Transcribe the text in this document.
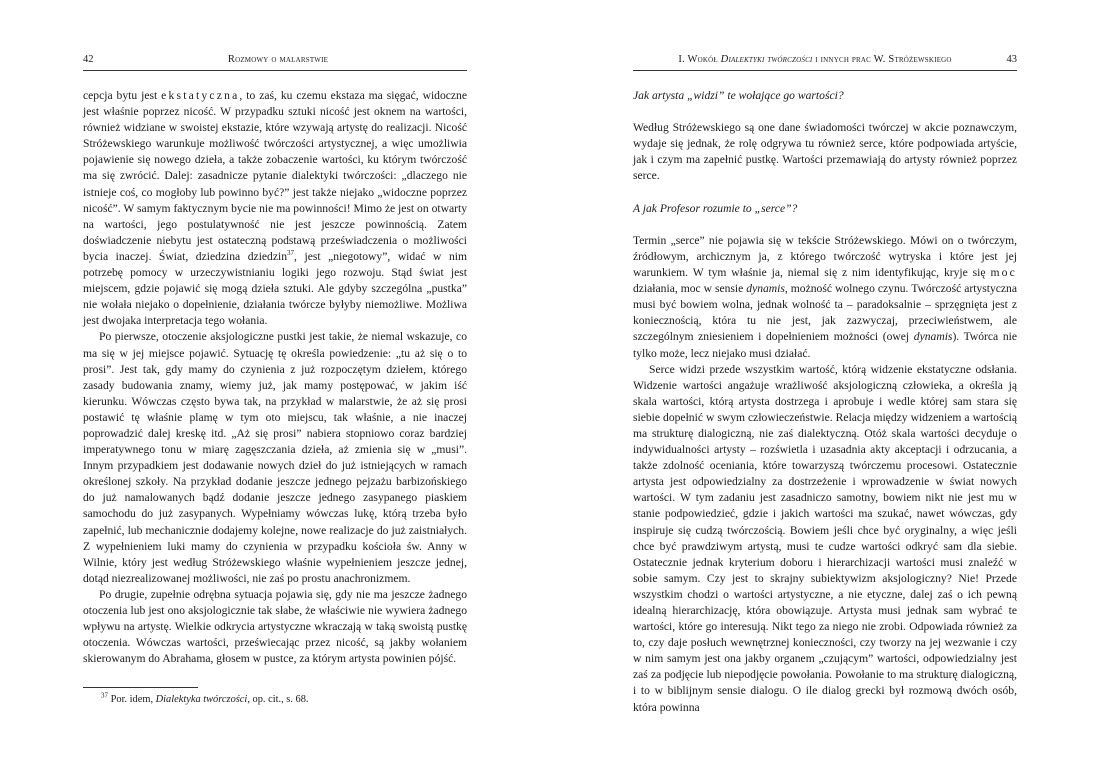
42	Rozmowy o malarstwie

cepcja bytu jest ekstatyczna, to zaś, ku czemu ekstaza ma sięgać, widoczne jest właśnie poprzez nicość. W przypadku sztuki nicość jest oknem na wartości, również widziane w swoistej ekstazie, które wzywają artystę do realizacji. Nicość Stróżewskiego warunkuje możliwość twórczości artystycznej, a więc umożliwia pojawienie się nowego dzieła, a także zobaczenie wartości, ku którym twórczość ma się zwrócić. Dalej: zasadnicze pytanie dialektyki twórczości: „dlaczego nie istnieje coś, co mogłoby lub powinno być?” jest także niejako „widoczne poprzez nicość”. W samym faktycznym bycie nie ma powinności! Mimo że jest on otwarty na wartości, jego postulatywność nie jest jeszcze powinnością. Zatem doświadczenie niebytu jest ostateczną podstawą przeświadczenia o możliwości bycia inaczej. Świat, dziedzina dziedzin$^{37}$, jest „niegotowy”, widać w nim potrzebę pomocy w urzeczywistnianiu logiki jego rozwoju. Stąd świat jest miejscem, gdzie pojawić się mogą dzieła sztuki. Ale gdyby szczególna „pustka” nie wołała niejako o dopełnienie, działania twórcze byłyby niemożliwe. Możliwa jest dwojaka interpretacja tego wołania.

Po pierwsze, otoczenie aksjologiczne pustki jest takie, że niemal wskazuje, co ma się w jej miejsce pojawić. Sytuację tę określa powiedzenie: „tu aż się o to prosi”. Jest tak, gdy mamy do czynienia z już rozpoczętym dziełem, którego zasady budowania znamy, wiemy już, jak mamy postępować, w jakim iść kierunku. Wówczas często bywa tak, na przykład w malarstwie, że aż się prosi postawić tę właśnie plamę w tym oto miejscu, tak właśnie, a nie inaczej poprowadzić dalej kreskę itd. „Aż się prosi” nabiera stopniowo coraz bardziej imperatywnego tonu w miarę zagęszczania dzieła, aż zmienia się w „musi”. Innym przypadkiem jest dodawanie nowych dzieł do już istniejących w ramach określonej szkoły. Na przykład dodanie jeszcze jednego pejzażu barbizońskiego do już namalowanych bądź dodanie jeszcze jednego zasypanego piaskiem samochodu do już zasypanych. Wypełniamy wówczas lukę, którą trzeba było zapełnić, lub mechanicznie dodajemy kolejne, nowe realizacje do już zaistniałych. Z wypełnieniem luki mamy do czynienia w przypadku kościoła św. Anny w Wilnie, który jest według Stróżewskiego właśnie wypełnieniem jeszcze jednej, dotąd niezrealizowanej możliwości, nie zaś po prostu anachronizmem.

Po drugie, zupełnie odrębna sytuacja pojawia się, gdy nie ma jeszcze żadnego otoczenia lub jest ono aksjologicznie tak słabe, że właściwie nie wywiera żadnego wpływu na artystę. Wielkie odkrycia artystyczne wkraczają w taką swoistą pustkę otoczenia. Wówczas wartości, przeświecając przez nicość, są jakby wołaniem skierowanym do Abrahama, głosem w pustce, za którym artysta powinien pójść.

$^{37}$ Por. idem, Dialektyka twórczości, op. cit., s. 68.
I. Wokół Dialektyki twórczości i innych prac W. Stróżewskiego	43

Jak artysta „widzi” te wołające go wartości?

Według Stróżewskiego są one dane świadomości twórczej w akcie poznawczym, wydaje się jednak, że rolę odgrywa tu również serce, które podpowiada artyście, jak i czym ma zapełnić pustkę. Wartości przemawiają do artysty również poprzez serce.

A jak Profesor rozumie to „serce”?

Termin „serce” nie pojawia się w tekście Stróżewskiego. Mówi on o twórczym, źródłowym, archicznym ja, z którego twórczość wytryska i które jest jej warunkiem. W tym właśnie ja, niemal się z nim identyfikując, kryje się moc działania, moc w sensie dynamis, możność wolnego czynu. Twórczość artystyczna musi być bowiem wolna, jednak wolność ta – paradoksalnie – sprzęgnięta jest z koniecznością, która tu nie jest, jak zazwyczaj, przeciwieństwem, ale szczególnym zniesieniem i dopełnieniem możności (owej dynamis). Twórca nie tylko może, lecz niejako musi działać.

Serce widzi przede wszystkim wartość, którą widzenie ekstatyczne odsłania. Widzenie wartości angażuje wrażliwość aksjologiczną człowieka, a określa ją skala wartości, którą artysta dostrzega i aprobuje i wedle której sam stara się siebie dopełnić w swym człowieczeństwie. Relacja między widzeniem a wartością ma strukturę dialogiczną, nie zaś dialektyczną. Otóż skala wartości decyduje o indywidualności artysty – rozświetla i uzasadnia akty akceptacji i odrzucania, a także zdolność oceniania, które towarzyszą twórczemu procesowi. Ostatecznie artysta jest odpowiedzialny za dostrzeżenie i wprowadzenie w świat nowych wartości. W tym zadaniu jest zasadniczo samotny, bowiem nikt nie jest mu w stanie podpowiedzieć, gdzie i jakich wartości ma szukać, nawet wówczas, gdy inspiruje się cudzą twórczością. Bowiem jeśli chce być oryginalny, a więc jeśli chce być prawdziwym artystą, musi te cudze wartości odkryć sam dla siebie. Ostatecznie jednak kryterium doboru i hierarchizacji wartości musi znaleźć w sobie samym. Czy jest to skrajny subiektywizm aksjologiczny? Nie! Przede wszystkim chodzi o wartości artystyczne, a nie etyczne, dalej zaś o ich pewną idealną hierarchizację, która obowiązuje. Artysta musi jednak sam wybrać te wartości, które go interesują. Nikt tego za niego nie zrobi. Odpowiada również za to, czy daje posłuch wewnętrznej konieczności, czy tworzy na jej wezwanie i czy w nim samym jest ona jakby organem „czującym” wartości, odpowiedzialny jest zaś za podjęcie lub niepodjęcie powołania. Powołanie to ma strukturę dialogiczną, i to w biblijnym sensie dialogu. O ile dialog grecki był rozmową dwóch osób, która powinna
